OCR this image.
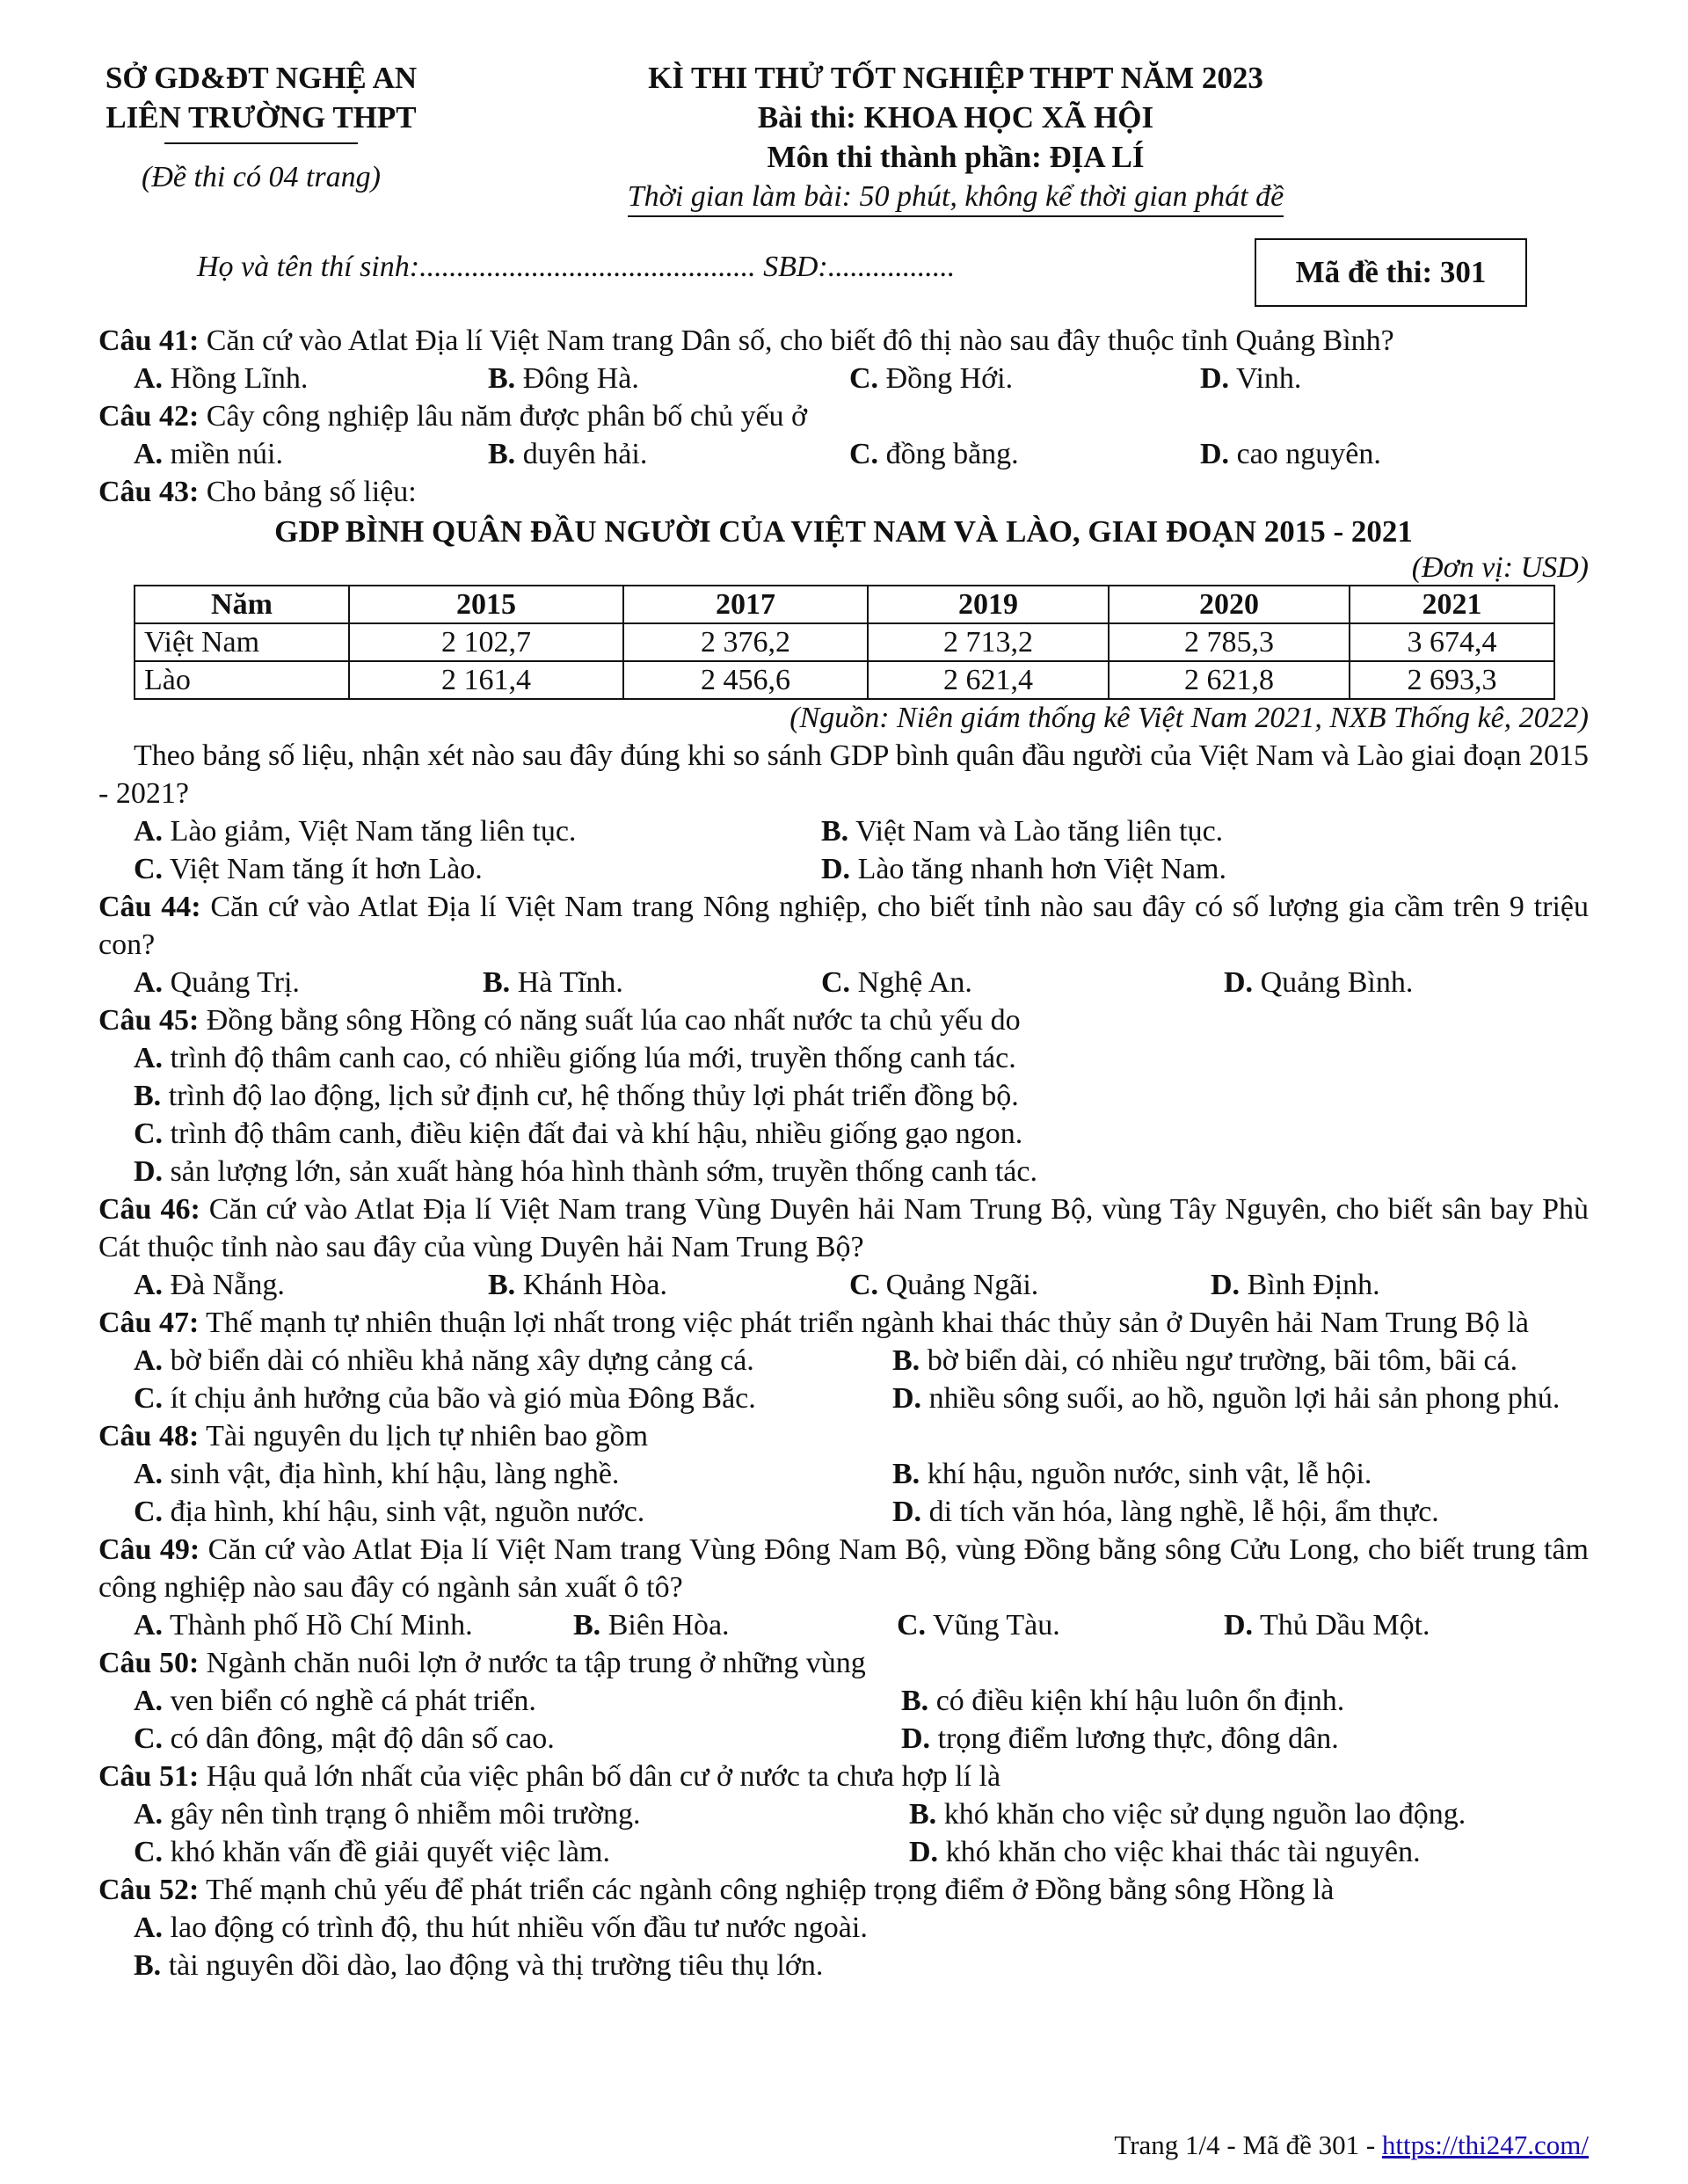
SỞ GD&ĐT NGHỆ AN
LIÊN TRƯỜNG THPT
(Đề thi có 04 trang)
KÌ THI THỬ TỐT NGHIỆP THPT NĂM 2023
Bài thi: KHOA HỌC XÃ HỘI
Môn thi thành phần: ĐỊA LÍ
Thời gian làm bài: 50 phút, không kể thời gian phát đề
Họ và tên thí sinh:............................................. SBD:.................	Mã đề thi: 301
Câu 41: Căn cứ vào Atlat Địa lí Việt Nam trang Dân số, cho biết đô thị nào sau đây thuộc tỉnh Quảng Bình?
A. Hồng Lĩnh.	B. Đông Hà.	C. Đồng Hới.	D. Vinh.
Câu 42: Cây công nghiệp lâu năm được phân bố chủ yếu ở
A. miền núi.	B. duyên hải.	C. đồng bằng.	D. cao nguyên.
Câu 43: Cho bảng số liệu:
GDP BÌNH QUÂN ĐẦU NGƯỜI CỦA VIỆT NAM VÀ LÀO, GIAI ĐOẠN 2015 - 2021
(Đơn vị: USD)
Năm	2015	2017	2019	2020	2021
Việt Nam	2 102,7	2 376,2	2 713,2	2 785,3	3 674,4
Lào	2 161,4	2 456,6	2 621,4	2 621,8	2 693,3
(Nguồn: Niên giám thống kê Việt Nam 2021, NXB Thống kê, 2022)
Theo bảng số liệu, nhận xét nào sau đây đúng khi so sánh GDP bình quân đầu người của Việt Nam và Lào giai đoạn 2015 - 2021?
A. Lào giảm, Việt Nam tăng liên tục.	B. Việt Nam và Lào tăng liên tục.
C. Việt Nam tăng ít hơn Lào.	D. Lào tăng nhanh hơn Việt Nam.
Câu 44: Căn cứ vào Atlat Địa lí Việt Nam trang Nông nghiệp, cho biết tỉnh nào sau đây có số lượng gia cầm trên 9 triệu con?
A. Quảng Trị.	B. Hà Tĩnh.	C. Nghệ An.	D. Quảng Bình.
Câu 45: Đồng bằng sông Hồng có năng suất lúa cao nhất nước ta chủ yếu do
A. trình độ thâm canh cao, có nhiều giống lúa mới, truyền thống canh tác.
B. trình độ lao động, lịch sử định cư, hệ thống thủy lợi phát triển đồng bộ.
C. trình độ thâm canh, điều kiện đất đai và khí hậu, nhiều giống gạo ngon.
D. sản lượng lớn, sản xuất hàng hóa hình thành sớm, truyền thống canh tác.
Câu 46: Căn cứ vào Atlat Địa lí Việt Nam trang Vùng Duyên hải Nam Trung Bộ, vùng Tây Nguyên, cho biết sân bay Phù Cát thuộc tỉnh nào sau đây của vùng Duyên hải Nam Trung Bộ?
A. Đà Nẵng.	B. Khánh Hòa.	C. Quảng Ngãi.	D. Bình Định.
Câu 47: Thế mạnh tự nhiên thuận lợi nhất trong việc phát triển ngành khai thác thủy sản ở Duyên hải Nam Trung Bộ là
A. bờ biển dài có nhiều khả năng xây dựng cảng cá.	B. bờ biển dài, có nhiều ngư trường, bãi tôm, bãi cá.
C. ít chịu ảnh hưởng của bão và gió mùa Đông Bắc.	D. nhiều sông suối, ao hồ, nguồn lợi hải sản phong phú.
Câu 48: Tài nguyên du lịch tự nhiên bao gồm
A. sinh vật, địa hình, khí hậu, làng nghề.	B. khí hậu, nguồn nước, sinh vật, lễ hội.
C. địa hình, khí hậu, sinh vật, nguồn nước.	D. di tích văn hóa, làng nghề, lễ hội, ẩm thực.
Câu 49: Căn cứ vào Atlat Địa lí Việt Nam trang Vùng Đông Nam Bộ, vùng Đồng bằng sông Cửu Long, cho biết trung tâm công nghiệp nào sau đây có ngành sản xuất ô tô?
A. Thành phố Hồ Chí Minh.	B. Biên Hòa.	C. Vũng Tàu.	D. Thủ Dầu Một.
Câu 50: Ngành chăn nuôi lợn ở nước ta tập trung ở những vùng
A. ven biển có nghề cá phát triển.	B. có điều kiện khí hậu luôn ổn định.
C. có dân đông, mật độ dân số cao.	D. trọng điểm lương thực, đông dân.
Câu 51: Hậu quả lớn nhất của việc phân bố dân cư ở nước ta chưa hợp lí là
A. gây nên tình trạng ô nhiễm môi trường.	B. khó khăn cho việc sử dụng nguồn lao động.
C. khó khăn vấn đề giải quyết việc làm.	D. khó khăn cho việc khai thác tài nguyên.
Câu 52: Thế mạnh chủ yếu để phát triển các ngành công nghiệp trọng điểm ở Đồng bằng sông Hồng là
A. lao động có trình độ, thu hút nhiều vốn đầu tư nước ngoài.
B. tài nguyên dồi dào, lao động và thị trường tiêu thụ lớn.
Trang 1/4 - Mã đề 301 - https://thi247.com/
